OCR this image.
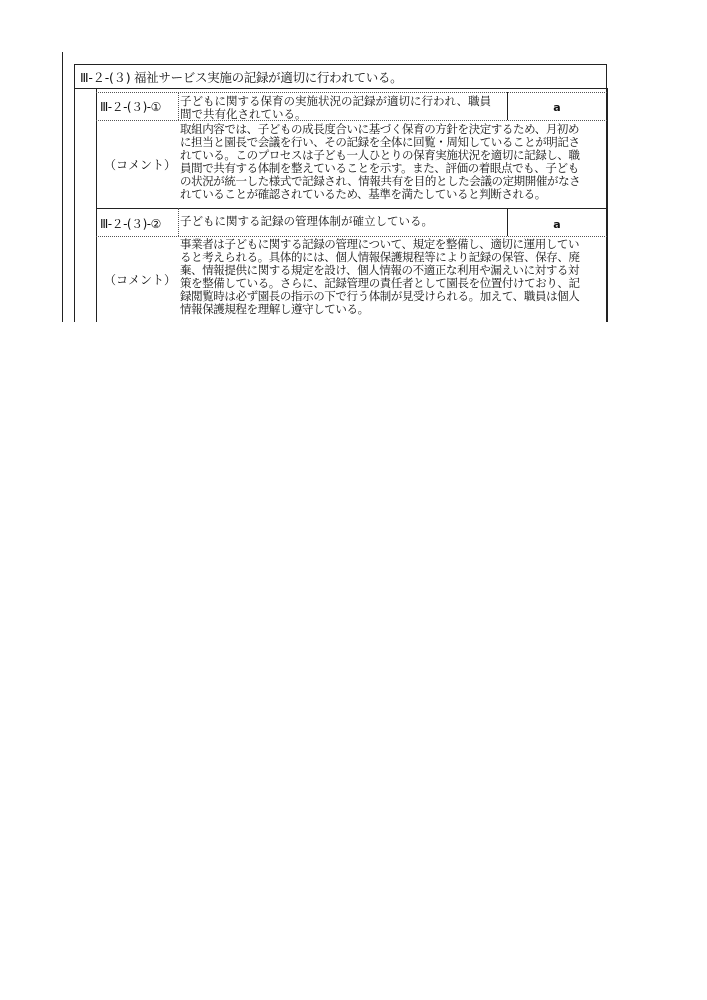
Ⅲ-２-(３) 福祉サービス実施の記録が適切に行われている。
Ⅲ-２-(３)-① 子どもに関する保育の実施状況の記録が適切に行われ、職員
間で共有化されている。	a
（コメント）
取組内容では、子どもの成長度合いに基づく保育の方針を決定するため、月初め
に担当と園長で会議を行い、その記録を全体に回覧・周知していることが明記さ
れている。このプロセスは子ども一人ひとりの保育実施状況を適切に記録し、職
員間で共有する体制を整えていることを示す。また、評価の着眼点でも、子ども
の状況が統一した様式で記録され、情報共有を目的とした会議の定期開催がなさ
れていることが確認されているため、基準を満たしていると判断される。
Ⅲ-２-(３)-② 子どもに関する記録の管理体制が確立している。	a
（コメント）
事業者は子どもに関する記録の管理について、規定を整備し、適切に運用してい
ると考えられる。具体的には、個人情報保護規程等により記録の保管、保存、廃
棄、情報提供に関する規定を設け、個人情報の不適正な利用や漏えいに対する対
策を整備している。さらに、記録管理の責任者として園長を位置付けており、記
録閲覧時は必ず園長の指示の下で行う体制が見受けられる。加えて、職員は個人
情報保護規程を理解し遵守している。
